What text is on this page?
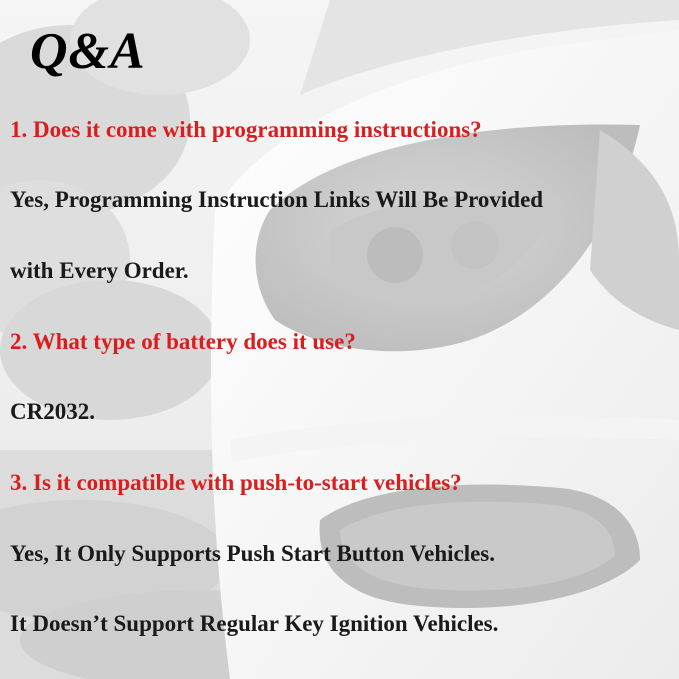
Q&A

1. Does it come with programming instructions?

Yes, Programming Instruction Links Will Be Provided

with Every Order.

2. What type of battery does it use?

CR2032.

3. Is it compatible with push-to-start vehicles?

Yes, It Only Supports Push Start Button Vehicles.

It Doesn’t Support Regular Key Ignition Vehicles.
